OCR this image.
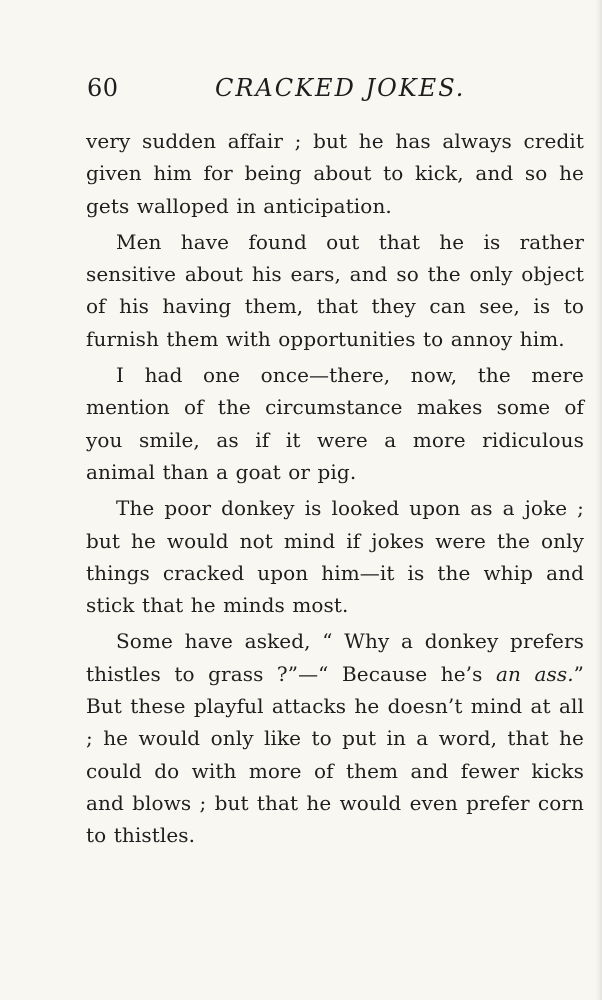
60	CRACKED JOKES.

very sudden affair ; but he has always credit given him for being about to kick, and so he gets walloped in anticipation.

Men have found out that he is rather sensitive about his ears, and so the only object of his having them, that they can see, is to furnish them with opportunities to annoy him.

I had one once—there, now, the mere mention of the circumstance makes some of you smile, as if it were a more ridiculous animal than a goat or pig.

The poor donkey is looked upon as a joke ; but he would not mind if jokes were the only things cracked upon him—it is the whip and stick that he minds most.

Some have asked, “ Why a donkey prefers thistles to grass ?”—“ Because he’s an ass.” But these playful attacks he doesn’t mind at all ; he would only like to put in a word, that he could do with more of them and fewer kicks and blows ; but that he would even prefer corn to thistles.
